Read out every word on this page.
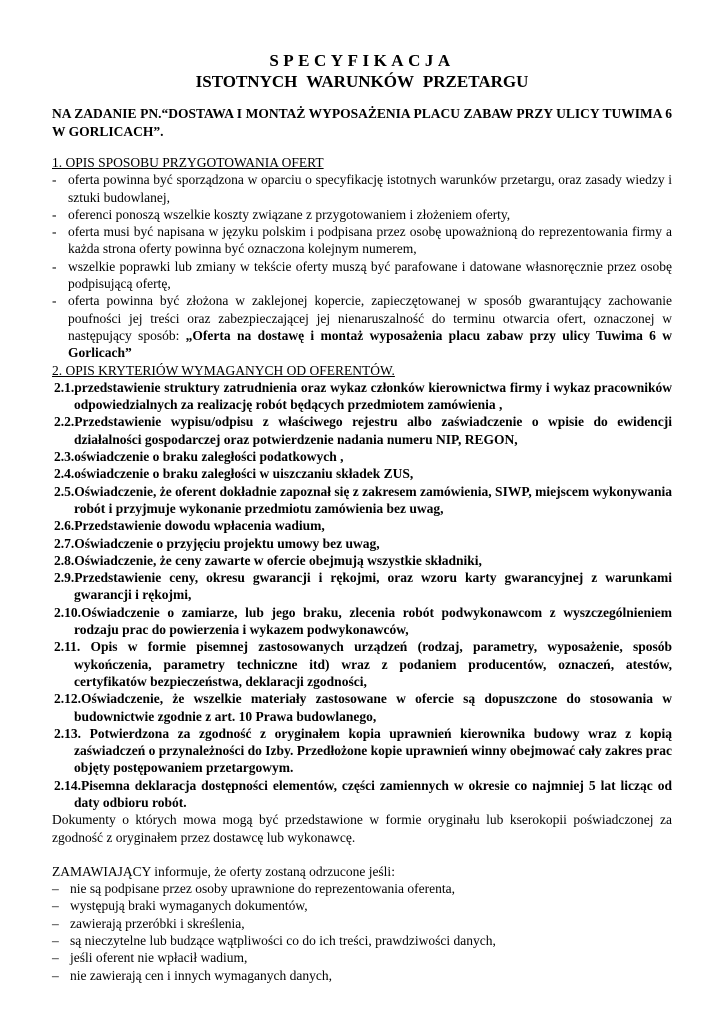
SPECYFIKACJA
ISTOTNYCH WARUNKÓW PRZETARGU
NA ZADANIE PN.“DOSTAWA I MONTAŻ WYPOSAŻENIA PLACU ZABAW PRZY ULICY TUWIMA 6 W GORLICACH”.
1. OPIS SPOSOBU PRZYGOTOWANIA OFERT
- oferta powinna być sporządzona w oparciu o specyfikację istotnych warunków przetargu, oraz zasady wiedzy i sztuki budowlanej,
- oferenci ponoszą wszelkie koszty związane z przygotowaniem i złożeniem oferty,
- oferta musi być napisana w języku polskim i podpisana przez osobę upoważnioną do reprezentowania firmy a każda strona oferty powinna być oznaczona kolejnym numerem,
- wszelkie poprawki lub zmiany w tekście oferty muszą być parafowane i datowane własnoręcznie przez osobę podpisującą ofertę,
- oferta powinna być złożona w zaklejonej kopercie, zapieczętowanej w sposób gwarantujący zachowanie poufności jej treści oraz zabezpieczającej jej nienaruszalność do terminu otwarcia ofert, oznaczonej w następujący sposób: „Oferta na dostawę i montaż wyposażenia placu zabaw przy ulicy Tuwima 6 w Gorlicach”
2. OPIS KRYTERIÓW WYMAGANYCH OD OFERENTÓW.
2.1.przedstawienie struktury zatrudnienia oraz wykaz członków kierownictwa firmy i wykaz pracowników odpowiedzialnych za realizację robót będących przedmiotem zamówienia ,
2.2.Przedstawienie wypisu/odpisu z właściwego rejestru albo zaświadczenie o wpisie do ewidencji działalności gospodarczej oraz potwierdzenie nadania numeru NIP, REGON,
2.3.oświadczenie o braku zaległości podatkowych ,
2.4.oświadczenie o braku zaległości w uiszczaniu składek ZUS,
2.5.Oświadczenie, że oferent dokładnie zapoznał się z zakresem zamówienia, SIWP, miejscem wykonywania robót i przyjmuje wykonanie przedmiotu zamówienia bez uwag,
2.6.Przedstawienie dowodu wpłacenia wadium,
2.7.Oświadczenie o przyjęciu projektu umowy bez uwag,
2.8.Oświadczenie, że ceny zawarte w ofercie obejmują wszystkie składniki,
2.9.Przedstawienie ceny, okresu gwarancji i rękojmi, oraz wzoru karty gwarancyjnej z warunkami gwarancji i rękojmi,
2.10.Oświadczenie o zamiarze, lub jego braku, zlecenia robót podwykonawcom z wyszczególnieniem rodzaju prac do powierzenia i wykazem podwykonawców,
2.11. Opis w formie pisemnej zastosowanych urządzeń (rodzaj, parametry, wyposażenie, sposób wykończenia, parametry techniczne itd) wraz z podaniem producentów, oznaczeń, atestów, certyfikatów bezpieczeństwa, deklaracji zgodności,
2.12.Oświadczenie, że wszelkie materiały zastosowane w ofercie są dopuszczone do stosowania w budownictwie zgodnie z art. 10 Prawa budowlanego,
2.13. Potwierdzona za zgodność z oryginałem kopia uprawnień kierownika budowy wraz z kopią zaświadczeń o przynależności do Izby. Przedłożone kopie uprawnień winny obejmować cały zakres prac objęty postępowaniem przetargowym.
2.14.Pisemna deklaracja dostępności elementów, części zamiennych w okresie co najmniej 5 lat licząc od daty odbioru robót.
Dokumenty o których mowa mogą być przedstawione w formie oryginału lub kserokopii poświadczonej za zgodność z oryginałem przez dostawcę lub wykonawcę.
ZAMAWIAJĄCY informuje, że oferty zostaną odrzucone jeśli:
– nie są podpisane przez osoby uprawnione do reprezentowania oferenta,
– występują braki wymaganych dokumentów,
– zawierają przeróbki i skreślenia,
– są nieczytelne lub budzące wątpliwości co do ich treści, prawdziwości danych,
– jeśli oferent nie wpłacił wadium,
– nie zawierają cen i innych wymaganych danych,
